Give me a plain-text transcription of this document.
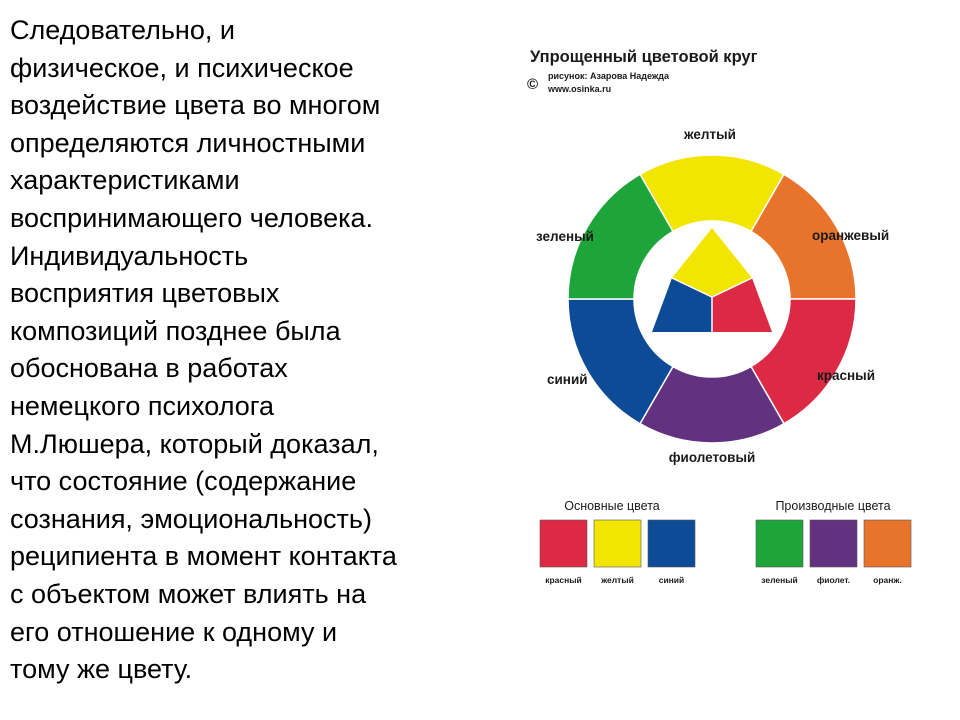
Следовательно, и
физическое, и психическое
воздействие цвета во многом
определяются личностными
характеристиками
воспринимающего человека.
Индивидуальность
восприятия цветовых
композиций позднее была
обоснована в работах
немецкого психолога
М.Люшера, который доказал,
что состояние (содержание
сознания, эмоциональность)
реципиента в момент контакта
с объектом может влиять на
его отношение к одному и
тому же цвету.

Упрощенный цветовой круг
© рисунок: Азарова Надежда
www.osinka.ru
желтый
оранжевый
красный
фиолетовый
синий
зеленый
Основные цвета
красный желтый	синий
Производные цвета
зеленый фиолет.	оранж.
